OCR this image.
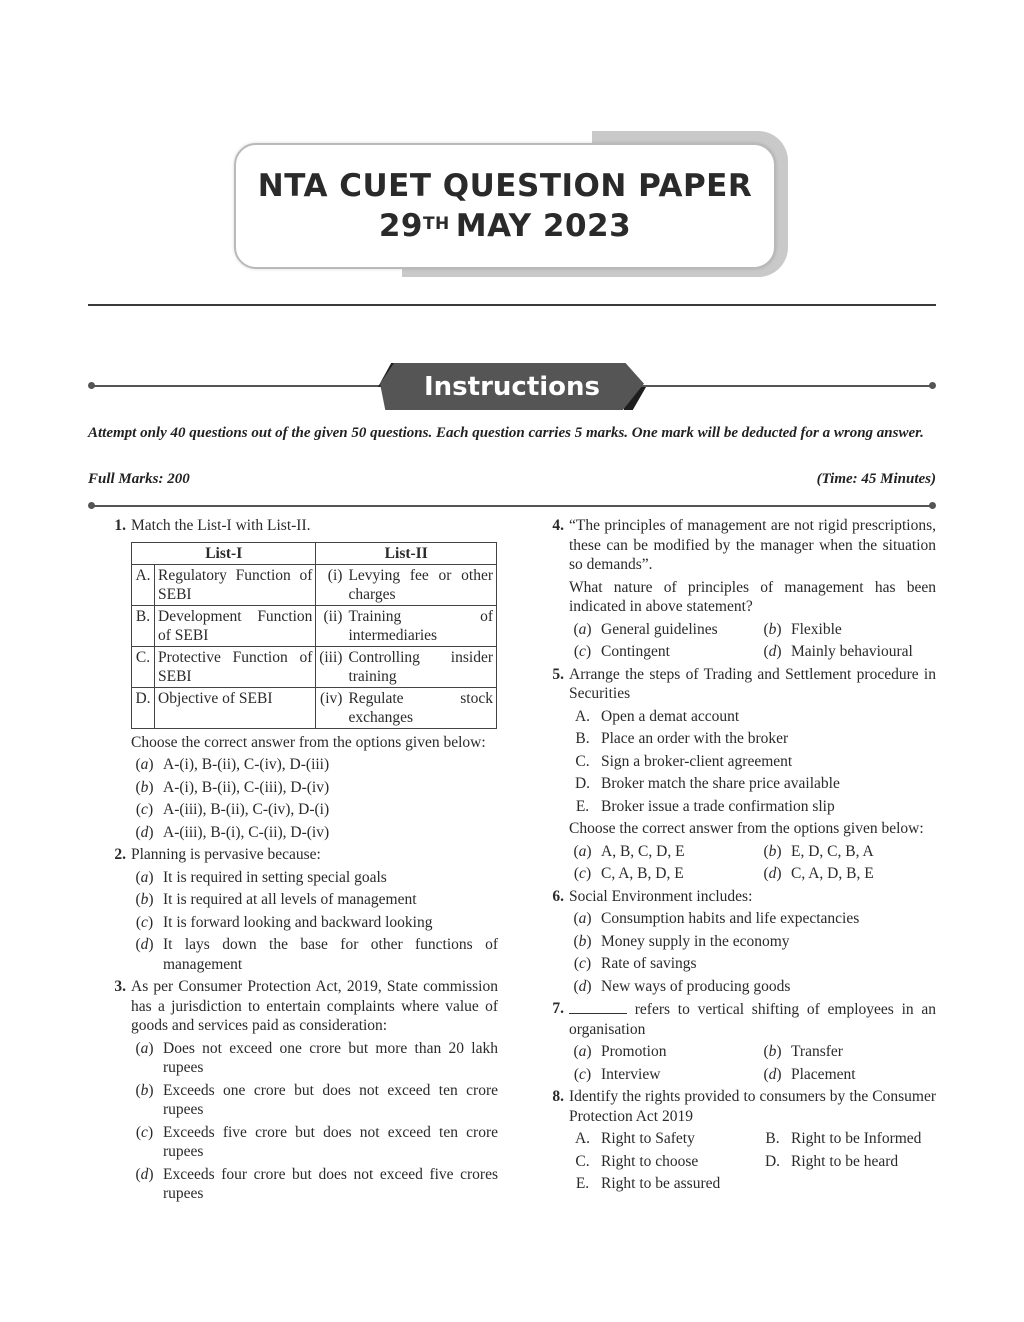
NTA CUET QUESTION PAPER
29TH MAY 2023
Instructions
Attempt only 40 questions out of the given 50 questions. Each question carries 5 marks. One mark will be deducted for a wrong answer.
Full Marks: 200	(Time: 45 Minutes)
1. Match the List-I with List-II.
List-I		List-II	
A.	Regulatory Function of SEBI	(i)	Levying fee or other charges
B.	Development Function of SEBI	(ii)	Training of intermediaries
C.	Protective Function of SEBI	(iii)	Controlling insider training
D.	Objective of SEBI	(iv)	Regulate stock exchanges
Choose the correct answer from the options given below:
(a) A-(i), B-(ii), C-(iv), D-(iii)
(b) A-(i), B-(ii), C-(iii), D-(iv)
(c) A-(iii), B-(ii), C-(iv), D-(i)
(d) A-(iii), B-(i), C-(ii), D-(iv)
2. Planning is pervasive because:
(a) It is required in setting special goals
(b) It is required at all levels of management
(c) It is forward looking and backward looking
(d) It lays down the base for other functions of management
3. As per Consumer Protection Act, 2019, State commission has a jurisdiction to entertain complaints where value of goods and services paid as consideration:
(a) Does not exceed one crore but more than 20 lakh rupees
(b) Exceeds one crore but does not exceed ten crore rupees
(c) Exceeds five crore but does not exceed ten crore rupees
(d) Exceeds four crore but does not exceed five crores rupees
4. “The principles of management are not rigid prescriptions, these can be modified by the manager when the situation so demands”.
What nature of principles of management has been indicated in above statement?
(a) General guidelines	(b) Flexible
(c) Contingent	(d) Mainly behavioural
5. Arrange the steps of Trading and Settlement procedure in Securities
A. Open a demat account
B. Place an order with the broker
C. Sign a broker-client agreement
D. Broker match the share price available
E. Broker issue a trade confirmation slip
Choose the correct answer from the options given below:
(a) A, B, C, D, E	(b) E, D, C, B, A
(c) C, A, B, D, E	(d) C, A, D, B, E
6. Social Environment includes:
(a) Consumption habits and life expectancies
(b) Money supply in the economy
(c) Rate of savings
(d) New ways of producing goods
7.	refers to vertical shifting of employees in an organisation
(a) Promotion	(b) Transfer
(c) Interview	(d) Placement
8. Identify the rights provided to consumers by the Consumer Protection Act 2019
A. Right to Safety	B. Right to be Informed
C. Right to choose	D. Right to be heard
E. Right to be assured
